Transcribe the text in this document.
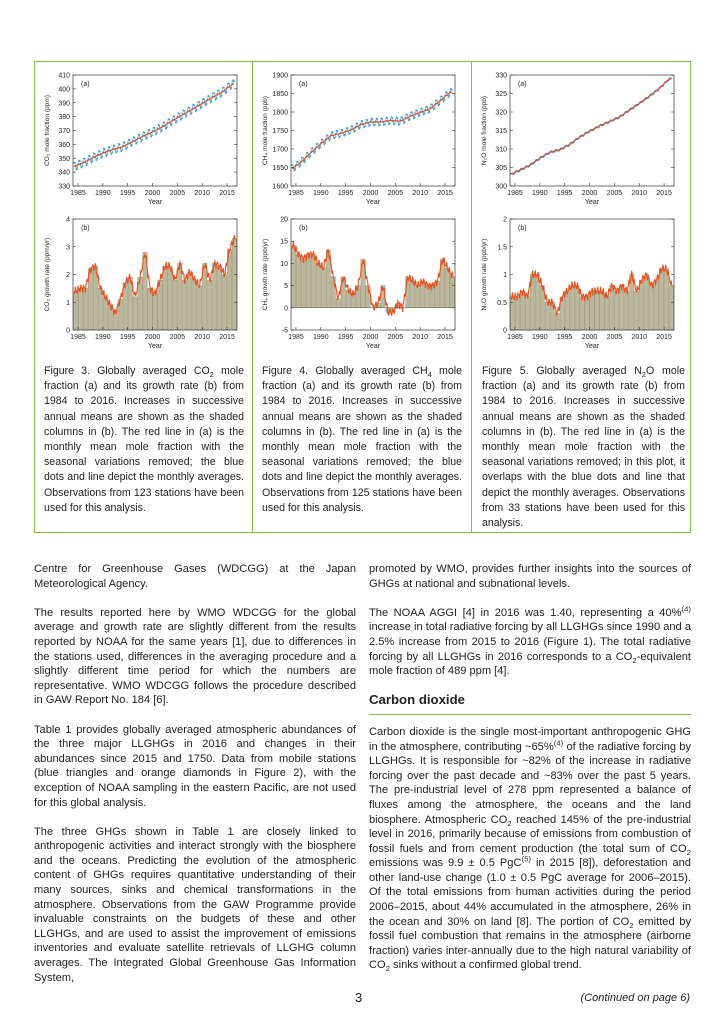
330
340
350
360
370
380
390
400
410
1985 1990 1995 2000 2005 2010 2015
Year
CO₂ mole fraction (ppm)
(a)
0
1
2
3
4
1985 1990 1995 2000 2005 2010 2015
Year
CO₂ growth rate (ppm/yr)
(b)
1600
1650
1700
1750
1800
1850
1900
1985 1990 1995 2000 2005 2010 2015
Year
CH₄ mole fraction (ppb)
(a)
-5
0
5
10
15
20
1985 1990 1995 2000 2005 2010 2015
Year
CH₄ growth rate (ppb/yr)
(b)
300
305
310
315
320
325
330
1985 1990 1995 2000 2005 2010 2015
Year
N₂O mole fraction (ppb)
(a)
0
0.5
1
1.5
2
1985 1990 1995 2000 2005 2010 2015
Year
N₂O growth rate (ppb/yr)
(b)

Figure 3. Globally averaged $CO_2$ mole fraction (a) and its growth rate (b) from 1984 to 2016. Increases in successive annual means are shown as the shaded columns in (b). The red line in (a) is the monthly mean mole fraction with the seasonal variations removed; the blue dots and line depict the monthly averages. Observations from 123 stations have been used for this analysis.

Figure 4. Globally averaged $CH_4$ mole fraction (a) and its growth rate (b) from 1984 to 2016. Increases in successive annual means are shown as the shaded columns in (b). The red line in (a) is the monthly mean mole fraction with the seasonal variations removed; the blue dots and line depict the monthly averages. Observations from 125 stations have been used for this analysis.

Figure 5. Globally averaged $N_2O$ mole fraction (a) and its growth rate (b) from 1984 to 2016. Increases in successive annual means are shown as the shaded columns in (b). The red line in (a) is the monthly mean mole fraction with the seasonal variations removed; in this plot, it overlaps with the blue dots and line that depict the monthly averages. Observations from 33 stations have been used for this analysis.

Centre for Greenhouse Gases (WDCGG) at the Japan Meteorological Agency.

The results reported here by WMO WDCGG for the global average and growth rate are slightly different from the results reported by NOAA for the same years [1], due to differences in the stations used, differences in the averaging procedure and a slightly different time period for which the numbers are representative. WMO WDCGG follows the procedure described in GAW Report No. 184 [6].

Table 1 provides globally averaged atmospheric abundances of the three major LLGHGs in 2016 and changes in their abundances since 2015 and 1750. Data from mobile stations (blue triangles and orange diamonds in Figure 2), with the exception of NOAA sampling in the eastern Pacific, are not used for this global analysis.

The three GHGs shown in Table 1 are closely linked to anthropogenic activities and interact strongly with the biosphere and the oceans. Predicting the evolution of the atmospheric content of GHGs requires quantitative understanding of their many sources, sinks and chemical transformations in the atmosphere. Observations from the GAW Programme provide invaluable constraints on the budgets of these and other LLGHGs, and are used to assist the improvement of emissions inventories and evaluate satellite retrievals of LLGHG column averages. The Integrated Global Greenhouse Gas Information System,

promoted by WMO, provides further insights into the sources of GHGs at national and subnational levels.

The NOAA AGGI [4] in 2016 was 1.40, representing a 40%$^{(4)}$ increase in total radiative forcing by all LLGHGs since 1990 and a 2.5% increase from 2015 to 2016 (Figure 1). The total radiative forcing by all LLGHGs in 2016 corresponds to a $CO_2$-equivalent mole fraction of 489 ppm [4].

Carbon dioxide

Carbon dioxide is the single most-important anthropogenic GHG in the atmosphere, contributing ~65%$^{(4)}$ of the radiative forcing by LLGHGs. It is responsible for ~82% of the increase in radiative forcing over the past decade and ~83% over the past 5 years. The pre-industrial level of 278 ppm represented a balance of fluxes among the atmosphere, the oceans and the land biosphere. Atmospheric $CO_2$ reached 145% of the pre-industrial level in 2016, primarily because of emissions from combustion of fossil fuels and from cement production (the total sum of $CO_2$ emissions was 9.9 ± 0.5 PgC$^{(5)}$ in 2015 [8]), deforestation and other land-use change (1.0 ± 0.5 PgC average for 2006–2015). Of the total emissions from human activities during the period 2006–2015, about 44% accumulated in the atmosphere, 26% in the ocean and 30% on land [8]. The portion of $CO_2$ emitted by fossil fuel combustion that remains in the atmosphere (airborne fraction) varies inter-annually due to the high natural variability of $CO_2$ sinks without a confirmed global trend.

3	(Continued on page 6)
